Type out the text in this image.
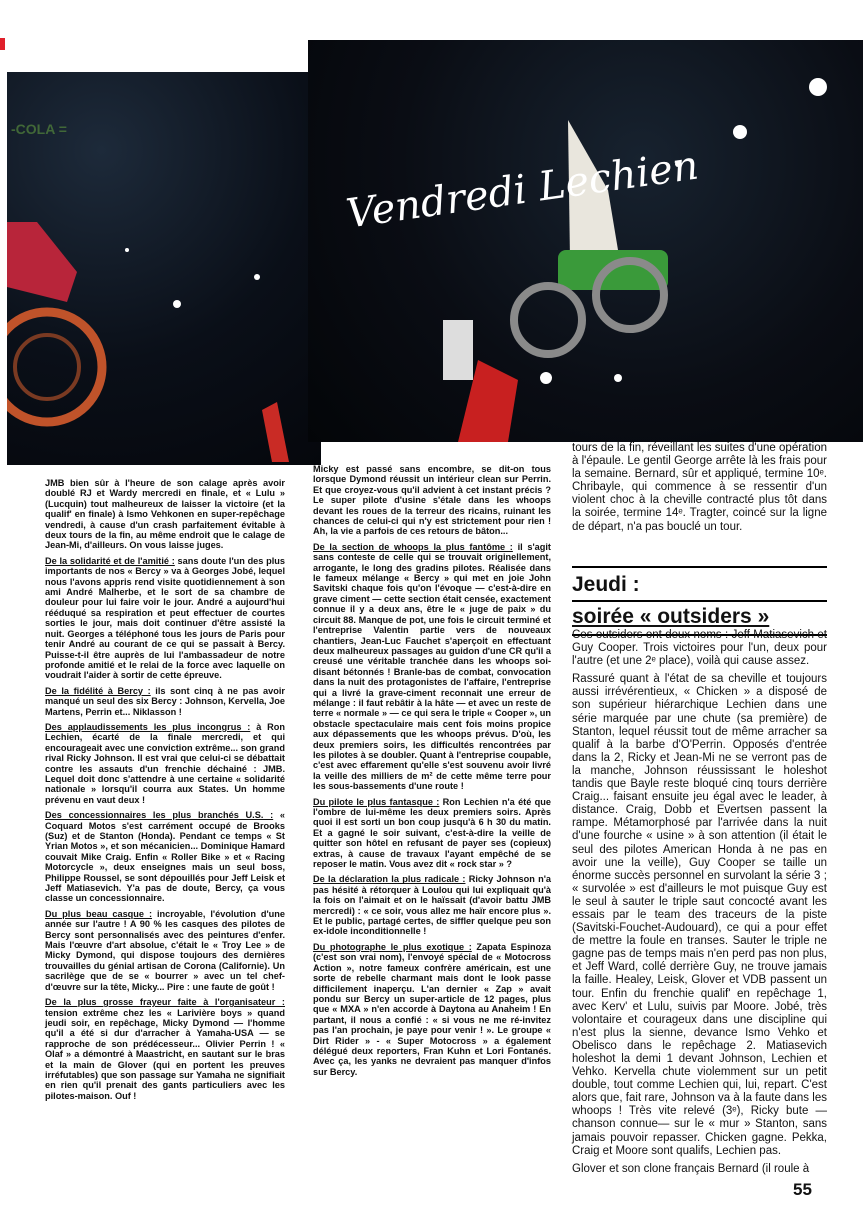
-COLA =
Vendredi Lechien

JMB bien sûr à l'heure de son calage après avoir doublé RJ et Wardy mercredi en finale, et « Lulu » (Lucquin) tout malheureux de laisser la victoire (et la qualif' en finale) à Ismo Vehkonen en super-repêchage vendredi, à cause d'un crash parfaitement évitable à deux tours de la fin, au même endroit que le calage de Jean-Mi, d'ailleurs. On vous laisse juges.

De la solidarité et de l'amitié : sans doute l'un des plus importants de nos « Bercy » va à Georges Jobé, lequel nous l'avons appris rend visite quotidiennement à son ami André Malherbe, et le sort de sa chambre de douleur pour lui faire voir le jour. André a aujourd'hui rééduqué sa respiration et peut effectuer de courtes sorties le jour, mais doit continuer d'être assisté la nuit. Georges a téléphoné tous les jours de Paris pour tenir André au courant de ce qui se passait à Bercy. Puisse-t-il être auprès de lui l'ambassadeur de notre profonde amitié et le relai de la force avec laquelle on voudrait l'aider à sortir de cette épreuve.

De la fidélité à Bercy : ils sont cinq à ne pas avoir manqué un seul des six Bercy : Johnson, Kervella, Joe Martens, Perrin et... Niklasson !

Des applaudissements les plus incongrus : à Ron Lechien, écarté de la finale mercredi, et qui encourageait avec une conviction extrême... son grand rival Ricky Johnson. Il est vrai que celui-ci se débattait contre les assauts d'un frenchie déchainé : JMB. Lequel doit donc s'attendre à une certaine « solidarité nationale » lorsqu'il courra aux States. Un homme prévenu en vaut deux !

Des concessionnaires les plus branchés U.S. : « Coquard Motos s'est carrément occupé de Brooks (Suz) et de Stanton (Honda). Pendant ce temps « St Yrian Motos », et son mécanicien... Dominique Hamard couvait Mike Craig. Enfin « Roller Bike » et « Racing Motorcycle », deux enseignes mais un seul boss, Philippe Roussel, se sont dépouillés pour Jeff Leisk et Jeff Matiasevich. Y'a pas de doute, Bercy, ça vous classe un concessionnaire.

Du plus beau casque : incroyable, l'évolution d'une année sur l'autre ! A 90 % les casques des pilotes de Bercy sont personnalisés avec des peintures d'enfer. Mais l'œuvre d'art absolue, c'était le « Troy Lee » de Micky Dymond, qui dispose toujours des dernières trouvailles du génial artisan de Corona (Californie). Un sacrilège que de se « bourrer » avec un tel chef-d'œuvre sur la tête, Micky... Pire : une faute de goût !

De la plus grosse frayeur faite à l'organisateur : tension extrême chez les « Larivière boys » quand jeudi soir, en repêchage, Micky Dymond — l'homme qu'il a été si dur d'arracher à Yamaha-USA — se rapproche de son prédécesseur... Olivier Perrin ! « Olaf » a démontré à Maastricht, en sautant sur le bras et la main de Glover (qui en portent les preuves irréfutables) que son passage sur Yamaha ne signifiait en rien qu'il prenait des gants particuliers avec les pilotes-maison. Ouf !

Micky est passé sans encombre, se dit-on tous lorsque Dymond réussit un intérieur clean sur Perrin. Et que croyez-vous qu'il advient à cet instant précis ? Le super pilote d'usine s'étale dans les whoops devant les roues de la terreur des ricains, ruinant les chances de celui-ci qui n'y est strictement pour rien ! Ah, la vie a parfois de ces retours de bâton...

De la section de whoops la plus fantôme : il s'agit sans conteste de celle qui se trouvait originellement, arrogante, le long des gradins pilotes. Réalisée dans le fameux mélange « Bercy » qui met en joie John Savitski chaque fois qu'on l'évoque — c'est-à-dire en grave ciment — cette section était censée, exactement connue il y a deux ans, être le « juge de paix » du circuit 88. Manque de pot, une fois le circuit terminé et l'entreprise Valentin partie vers de nouveaux chantiers, Jean-Luc Fauchet s'aperçoit en effectuant deux malheureux passages au guidon d'une CR qu'il a creusé une véritable tranchée dans les whoops soi-disant bétonnés ! Branle-bas de combat, convocation dans la nuit des protagonistes de l'affaire, l'entreprise qui a livré la grave-ciment reconnait une erreur de mélange : il faut rebâtir à la hâte — et avec un reste de terre « normale » — ce qui sera le triple « Cooper », un obstacle spectaculaire mais cent fois moins propice aux dépassements que les whoops prévus. D'où, les deux premiers soirs, les difficultés rencontrées par les pilotes à se doubler. Quant à l'entreprise coupable, c'est avec effarement qu'elle s'est souvenu avoir livré la veille des milliers de m² de cette même terre pour les sous-bassements d'une route !

Du pilote le plus fantasque : Ron Lechien n'a été que l'ombre de lui-même les deux premiers soirs. Après quoi il est sorti un bon coup jusqu'à 6 h 30 du matin. Et a gagné le soir suivant, c'est-à-dire la veille de quitter son hôtel en refusant de payer ses (copieux) extras, à cause de travaux l'ayant empêché de se reposer le matin. Vous avez dit « rock star » ?

De la déclaration la plus radicale : Ricky Johnson n'a pas hésité à rétorquer à Loulou qui lui expliquait qu'à la fois on l'aimait et on le haïssait (d'avoir battu JMB mercredi) : « ce soir, vous allez me haïr encore plus ». Et le public, partagé certes, de siffler quelque peu son ex-idole inconditionnelle !

Du photographe le plus exotique : Zapata Espinoza (c'est son vrai nom), l'envoyé spécial de « Motocross Action », notre fameux confrère américain, est une sorte de rebelle charmant mais dont le look passe difficilement inaperçu. L'an dernier « Zap » avait pondu sur Bercy un super-article de 12 pages, plus que « MXA » n'en accorde à Daytona au Anaheim ! En partant, il nous a confié : « si vous ne me ré-invitez pas l'an prochain, je paye pour venir ! ». Le groupe « Dirt Rider » - « Super Motocross » a également délégué deux reporters, Fran Kuhn et Lori Fontanés. Avec ça, les yanks ne devraient pas manquer d'infos sur Bercy.

tours de la fin, réveillant les suites d'une opération à l'épaule. Le gentil George arrête là les frais pour la semaine. Bernard, sûr et appliqué, termine 10ᵉ. Chribayle, qui commence à se ressentir d'un violent choc à la cheville contracté plus tôt dans la soirée, termine 14ᵉ. Tragter, coincé sur la ligne de départ, n'a pas bouclé un tour.

Jeudi :
soirée « outsiders »

Ces outsiders ont deux noms : Jeff Matiasevich et Guy Cooper. Trois victoires pour l'un, deux pour l'autre (et une 2ᵉ place), voilà qui cause assez.

Rassuré quant à l'état de sa cheville et toujours aussi irrévérentieux, « Chicken » a disposé de son supérieur hiérarchique Lechien dans une série marquée par une chute (sa première) de Stanton, lequel réussit tout de même arracher sa qualif à la barbe d'O'Perrin. Opposés d'entrée dans la 2, Ricky et Jean-Mi ne se verront pas de la manche, Johnson réussissant le holeshot tandis que Bayle reste bloqué cinq tours derrière Craig... faisant ensuite jeu égal avec le leader, à distance. Craig, Dobb et Evertsen passent la rampe. Métamorphosé par l'arrivée dans la nuit d'une fourche « usine » à son attention (il était le seul des pilotes American Honda à ne pas en avoir une la veille), Guy Cooper se taille un énorme succès personnel en survolant la série 3 ; « survolée » est d'ailleurs le mot puisque Guy est le seul à sauter le triple saut concocté avant les essais par le team des traceurs de la piste (Savitski-Fouchet-Audouard), ce qui a pour effet de mettre la foule en transes. Sauter le triple ne gagne pas de temps mais n'en perd pas non plus, et Jeff Ward, collé derrière Guy, ne trouve jamais la faille. Healey, Leisk, Glover et VDB passent un tour. Enfin du frenchie qualif' en repêchage 1, avec Kerv' et Lulu, suivis par Moore. Jobé, très volontaire et courageux dans une discipline qui n'est plus la sienne, devance Ismo Vehko et Obelisco dans le repêchage 2. Matiasevich holeshot la demi 1 devant Johnson, Lechien et Vehko. Kervella chute violemment sur un petit double, tout comme Lechien qui, lui, repart. C'est alors que, fait rare, Johnson va à la faute dans les whoops ! Très vite relevé (3ᵉ), Ricky bute —chanson connue— sur le « mur » Stanton, sans jamais pouvoir repasser. Chicken gagne. Pekka, Craig et Moore sont qualifs, Lechien pas.

Glover et son clone français Bernard (il roule à

55
